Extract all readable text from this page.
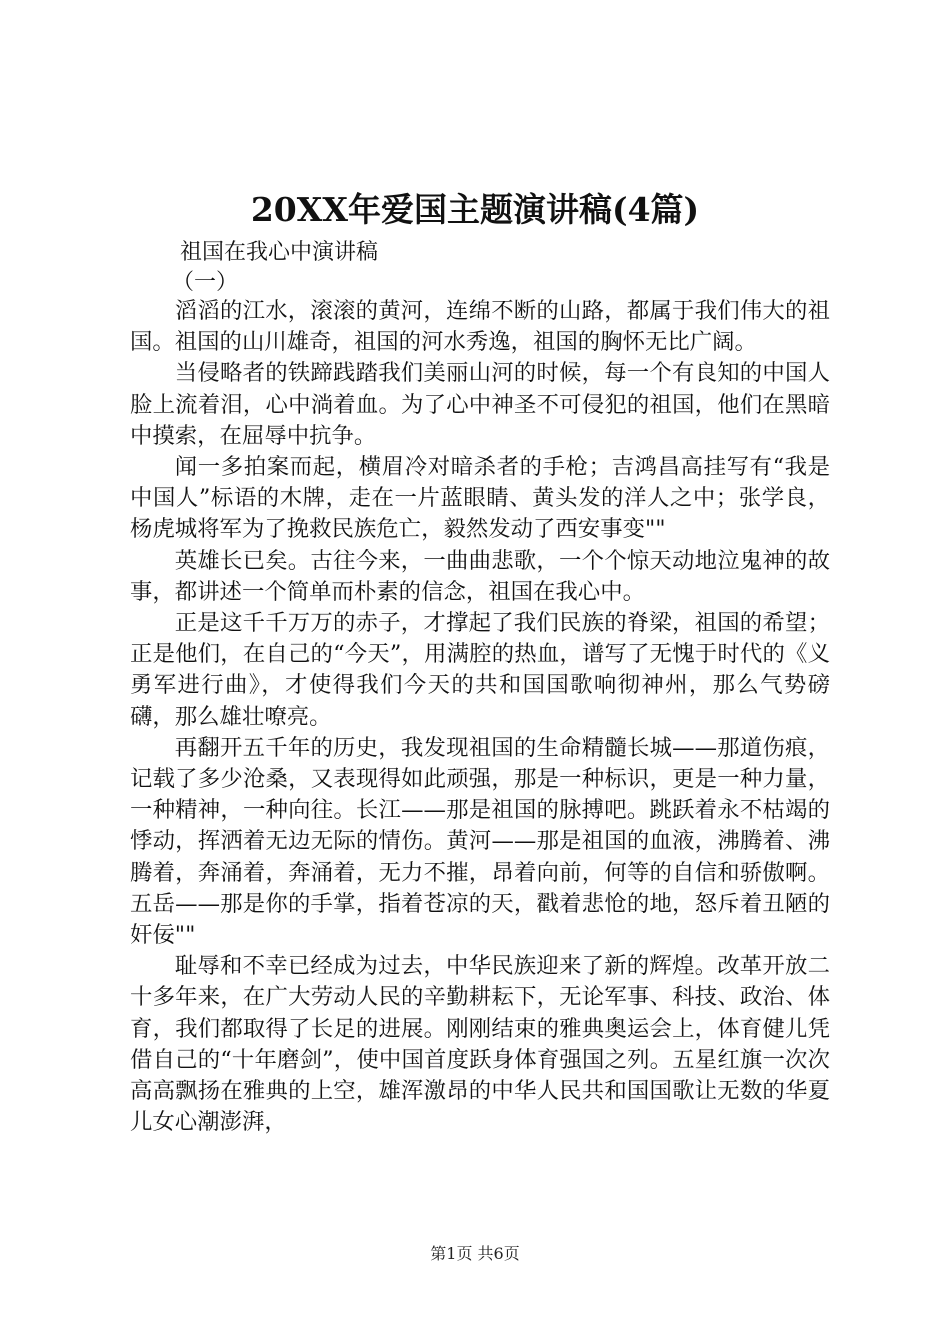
20XX年爱国主题演讲稿(4篇)
祖国在我心中演讲稿
（一）

滔滔的江水，滚滚的黄河，连绵不断的山路，都属于我们伟大的祖国。祖国的山川雄奇，祖国的河水秀逸，祖国的胸怀无比广阔。

当侵略者的铁蹄践踏我们美丽山河的时候，每一个有良知的中国人脸上流着泪，心中淌着血。为了心中神圣不可侵犯的祖国，他们在黑暗中摸索，在屈辱中抗争。

闻一多拍案而起，横眉冷对暗杀者的手枪；吉鸿昌高挂写有“我是中国人”标语的木牌，走在一片蓝眼睛、黄头发的洋人之中；张学良，杨虎城将军为了挽救民族危亡，毅然发动了西安事变""

英雄长已矣。古往今来，一曲曲悲歌，一个个惊天动地泣鬼神的故事，都讲述一个简单而朴素的信念，祖国在我心中。

正是这千千万万的赤子，才撑起了我们民族的脊梁，祖国的希望；正是他们，在自己的“今天”，用满腔的热血，谱写了无愧于时代的《义勇军进行曲》，才使得我们今天的共和国国歌响彻神州，那么气势磅礴，那么雄壮嘹亮。

再翻开五千年的历史，我发现祖国的生命精髓长城——那道伤痕，记载了多少沧桑，又表现得如此顽强，那是一种标识，更是一种力量，一种精神，一种向往。长江——那是祖国的脉搏吧。跳跃着永不枯竭的悸动，挥洒着无边无际的情伤。黄河——那是祖国的血液，沸腾着、沸腾着，奔涌着，奔涌着，无力不摧，昂着向前，何等的自信和骄傲啊。五岳——那是你的手掌，指着苍凉的天，戳着悲怆的地，怒斥着丑陋的奸佞""

耻辱和不幸已经成为过去，中华民族迎来了新的辉煌。改革开放二十多年来，在广大劳动人民的辛勤耕耘下，无论军事、科技、政治、体育，我们都取得了长足的进展。刚刚结束的雅典奥运会上，体育健儿凭借自己的“十年磨剑”，使中国首度跃身体育强国之列。五星红旗一次次高高飘扬在雅典的上空，雄浑激昂的中华人民共和国国歌让无数的华夏儿女心潮澎湃，

第1页 共6页
